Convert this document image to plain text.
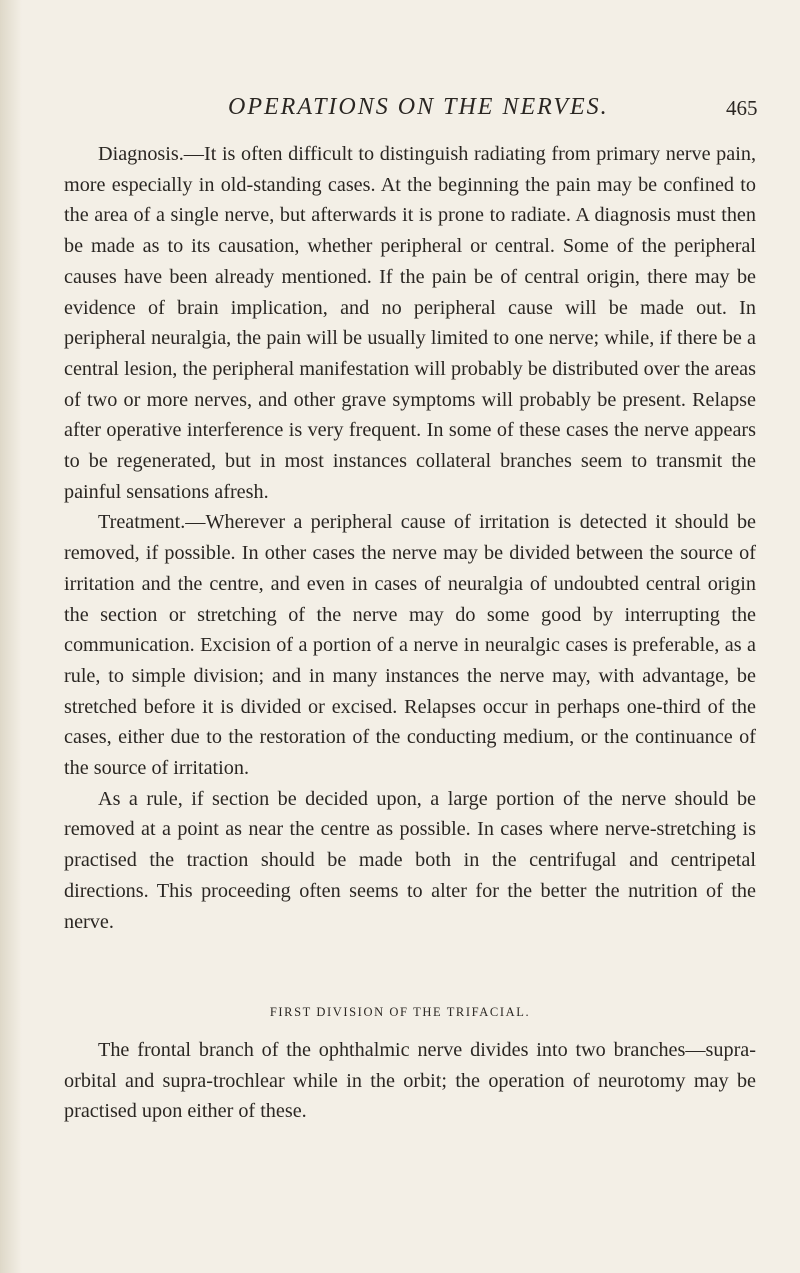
OPERATIONS ON THE NERVES.	465

Diagnosis.—It is often difficult to distinguish radiating from primary nerve pain, more especially in old-standing cases. At the beginning the pain may be confined to the area of a single nerve, but afterwards it is prone to radiate. A diagnosis must then be made as to its causation, whether peripheral or central. Some of the peripheral causes have been already mentioned. If the pain be of central origin, there may be evidence of brain implication, and no peripheral cause will be made out. In peripheral neuralgia, the pain will be usually limited to one nerve; while, if there be a central lesion, the peripheral manifestation will probably be distributed over the areas of two or more nerves, and other grave symptoms will probably be present. Relapse after operative interference is very frequent. In some of these cases the nerve appears to be regenerated, but in most instances collateral branches seem to transmit the painful sensations afresh.

Treatment.—Wherever a peripheral cause of irritation is detected it should be removed, if possible. In other cases the nerve may be divided between the source of irritation and the centre, and even in cases of neuralgia of undoubted central origin the section or stretching of the nerve may do some good by interrupting the communication. Excision of a portion of a nerve in neuralgic cases is preferable, as a rule, to simple division; and in many instances the nerve may, with advantage, be stretched before it is divided or excised. Relapses occur in perhaps one-third of the cases, either due to the restoration of the conducting medium, or the continuance of the source of irritation.

As a rule, if section be decided upon, a large portion of the nerve should be removed at a point as near the centre as possible. In cases where nerve-stretching is practised the traction should be made both in the centrifugal and centripetal directions. This proceeding often seems to alter for the better the nutrition of the nerve.

FIRST DIVISION OF THE TRIFACIAL.

The frontal branch of the ophthalmic nerve divides into two branches—supra-orbital and supra-trochlear while in the orbit; the operation of neurotomy may be practised upon either of these.
